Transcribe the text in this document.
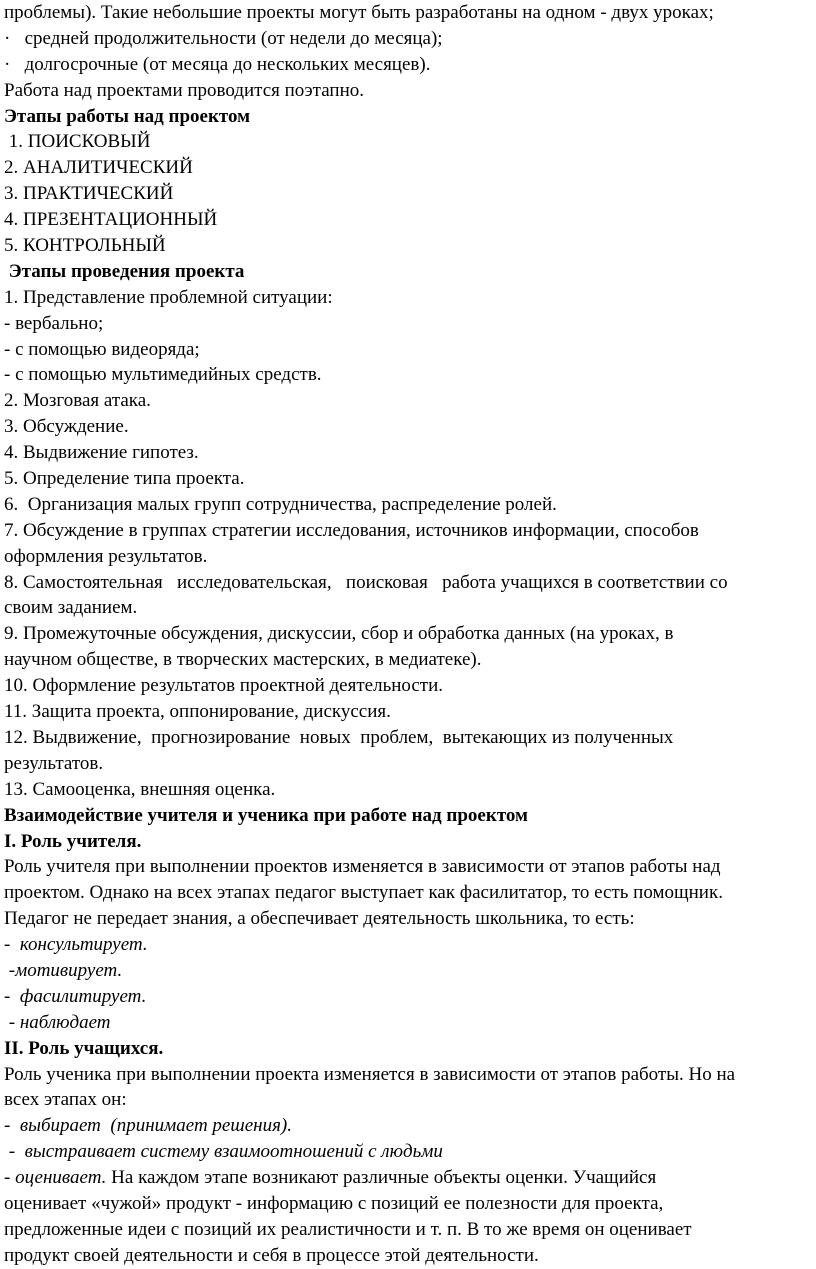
проблемы). Такие небольшие проекты могут быть разработаны на одном - двух уроках;
·   средней продолжительности (от недели до месяца);
·   долгосрочные (от месяца до нескольких месяцев).
Работа над проектами проводится поэтапно.
Этапы работы над проектом
1. ПОИСКОВЫЙ
2. АНАЛИТИЧЕСКИЙ
3. ПРАКТИЧЕСКИЙ
4. ПРЕЗЕНТАЦИОННЫЙ
5. КОНТРОЛЬНЫЙ
Этапы проведения проекта
1. Представление проблемной ситуации:
- вербально;
- с помощью видеоряда;
- с помощью мультимедийных средств.
2. Мозговая атака.
3. Обсуждение.
4. Выдвижение гипотез.
5. Определение типа проекта.
6.  Организация малых групп сотрудничества, распределение ролей.
7. Обсуждение в группах стратегии исследования, источников информации, способов
оформления результатов.
8. Самостоятельная   исследовательская,   поисковая   работа учащихся в соответствии со
своим заданием.
9. Промежуточные обсуждения, дискуссии, сбор и обработка данных (на уроках, в
научном обществе, в творческих мастерских, в медиатеке).
10. Оформление результатов проектной деятельности.
11. Защита проекта, оппонирование, дискуссия.
12. Выдвижение,  прогнозирование  новых  проблем,  вытекающих из полученных
результатов.
13. Самооценка, внешняя оценка.
Взаимодействие учителя и ученика при работе над проектом
I. Роль учителя.
Роль учителя при выполнении проектов изменяется в зависимости от этапов работы над
проектом. Однако на всех этапах педагог выступает как фасилитатор, то есть помощник.
Педагог не передает знания, а обеспечивает деятельность школьника, то есть:
-  консультирует.
-мотивирует.
-  фасилитирует.
- наблюдает
II. Роль учащихся.
Роль ученика при выполнении проекта изменяется в зависимости от этапов работы. Но на
всех этапах он:
-  выбирает  (принимает решения).
-  выстраивает систему взаимоотношений с людьми
- оценивает. На каждом этапе возникают различные объекты оценки. Учащийся
оценивает «чужой» продукт - информацию с позиций ее полезности для проекта,
предложенные идеи с позиций их реалистичности и т. п. В то же время он оценивает
продукт своей деятельности и себя в процессе этой деятельности.
